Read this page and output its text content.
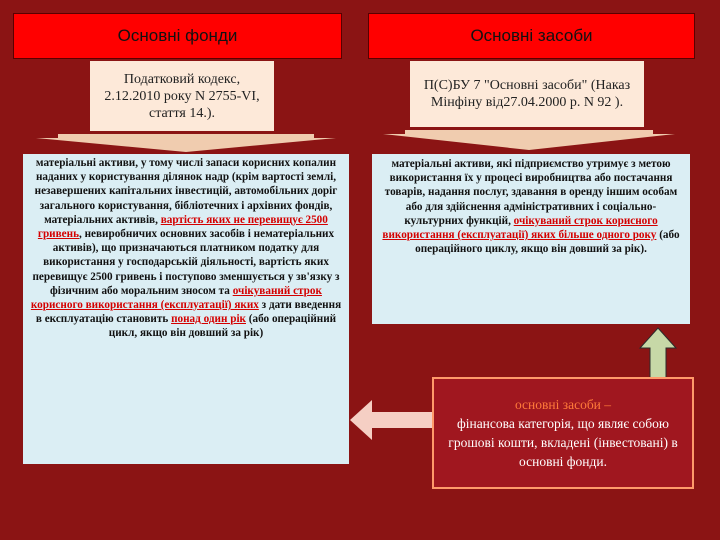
Основні фонди	Основні засоби
Податковий кодекс, 2.12.2010 року N 2755-VI, стаття 14.).
П(С)БУ 7 "Основні засоби" (Наказ Мінфіну від27.04.2000 р. N 92 ).
матеріальні активи, у тому числі запаси корисних копалин наданих у користування ділянок надр (крім вартості землі, незавершених капітальних інвестицій, автомобільних доріг загального користування, бібліотечних і архівних фондів, матеріальних активів, вартість яких не перевищує 2500 гривень, невиробничих основних засобів і нематеріальних активів), що призначаються платником податку для використання у господарській діяльності, вартість яких перевищує 2500 гривень і поступово зменшується у зв'язку з фізичним або моральним зносом та очікуваний строк корисного використання (експлуатації) яких з дати введення в експлуатацію становить понад один рік (або операційний цикл, якщо він довший за рік)
матеріальні активи, які підприємство утримує з метою використання їх у процесі виробництва або постачання товарів, надання послуг, здавання в оренду іншим особам або для здійснення адміністративних і соціально-культурних функцій, очікуваний строк корисного використання (експлуатації) яких більше одного року (або операційного циклу, якщо він довший за рік).
основні засоби –
фінансова категорія, що являє собою грошові кошти, вкладені (інвестовані) в основні фонди.
